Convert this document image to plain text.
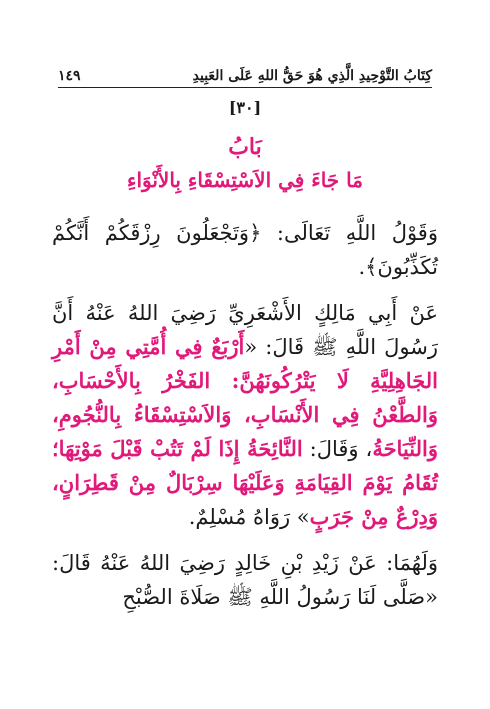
كِتَابُ التَّوْحِيدِ الَّذِي هُوَ حَقُّ اللهِ عَلَى العَبِيدِ
١٤٩
[٣٠]
بَابُ
مَا جَاءَ فِي الاَسْتِسْقَاءِ بِالأَنْوَاءِ

وَقَوْلُ اللَّهِ تَعَالَى: ﴿وَتَجْعَلُونَ رِزْقَكُمْ أَنَّكُمْ تُكَذِّبُونَ﴾.

عَنْ أَبِي مَالِكٍ الأَشْعَرِيِّ رَضِيَ اللهُ عَنْهُ أَنَّ رَسُولَ اللَّهِ ﷺ قَالَ: «أَرْبَعٌ فِي أُمَّتِي مِنْ أَمْرِ الجَاهِلِيَّةِ لَا يَتْرُكُونَهُنَّ: الفَخْرُ بِالأَحْسَابِ، وَالطَّعْنُ فِي الأَنْسَابِ، وَالاَسْتِسْقَاءُ بِالنُّجُومِ، وَالنِّيَاحَةُ، وَقَالَ: النَّائِحَةُ إِذَا لَمْ تَتُبْ قَبْلَ مَوْتِهَا؛ تُقَامُ يَوْمَ القِيَامَةِ وَعَلَيْهَا سِرْبَالٌ مِنْ قَطِرَانٍ، وَدِرْعٌ مِنْ جَرَبٍ» رَوَاهُ مُسْلِمٌ.

وَلَهُمَا: عَنْ زَيْدِ بْنِ خَالِدٍ رَضِيَ اللهُ عَنْهُ قَالَ: «صَلَّى لَنَا رَسُولُ اللَّهِ ﷺ صَلَاةَ الصُّبْحِ
